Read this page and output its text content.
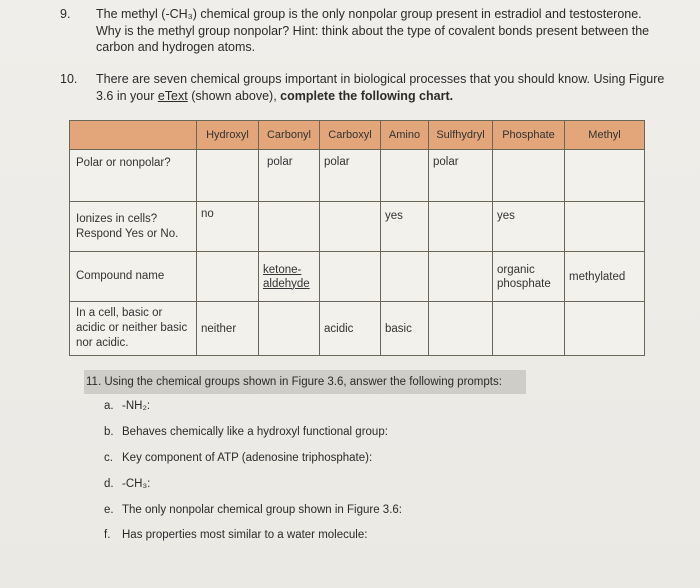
9. The methyl (-CH₃) chemical group is the only nonpolar group present in estradiol and testosterone. Why is the methyl group nonpolar? Hint: think about the type of covalent bonds present between the carbon and hydrogen atoms.
10. There are seven chemical groups important in biological processes that you should know. Using Figure 3.6 in your eText (shown above), complete the following chart.
	Hydroxyl	Carbonyl	Carboxyl	Amino	Sulfhydryl	Phosphate	Methyl
Polar or nonpolar?		polar	polar		polar		
Ionizes in cells? Respond Yes or No.	no			yes		yes	
Compound name		ketone- aldehyde				organic phosphate	methylated
In a cell, basic or acidic or neither basic nor acidic.	neither		acidic	basic			
11. Using the chemical groups shown in Figure 3.6, answer the following prompts:
a. -NH₂:
b. Behaves chemically like a hydroxyl functional group:
c. Key component of ATP (adenosine triphosphate):
d. -CH₃:
e. The only nonpolar chemical group shown in Figure 3.6:
f. Has properties most similar to a water molecule:
